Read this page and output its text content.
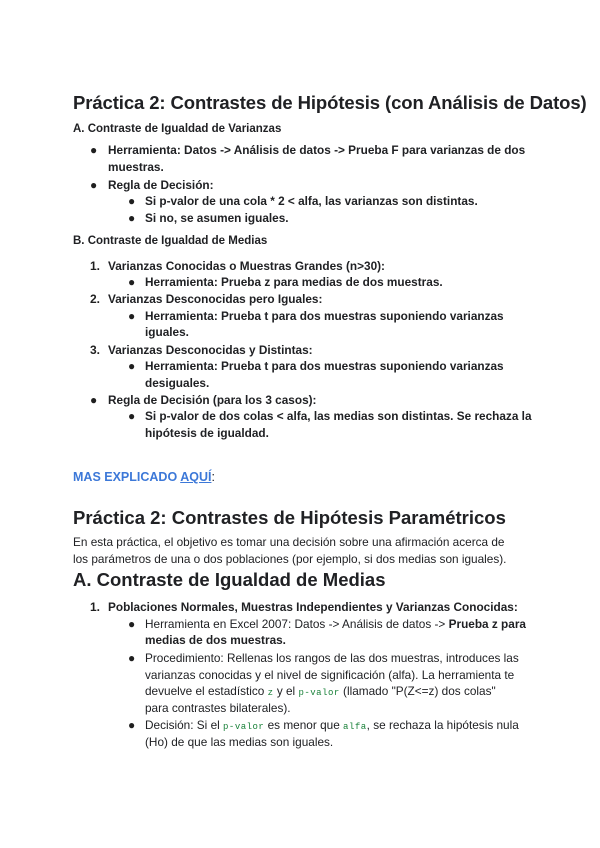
Práctica 2: Contrastes de Hipótesis (con Análisis de Datos)
A. Contraste de Igualdad de Varianzas
● Herramienta: Datos -> Análisis de datos -> Prueba F para varianzas de dos
muestras.
● Regla de Decisión:
● Si p-valor de una cola * 2 < alfa, las varianzas son distintas.
● Si no, se asumen iguales.
B. Contraste de Igualdad de Medias
1. Varianzas Conocidas o Muestras Grandes (n>30):
● Herramienta: Prueba z para medias de dos muestras.
2. Varianzas Desconocidas pero Iguales:
● Herramienta: Prueba t para dos muestras suponiendo varianzas
iguales.
3. Varianzas Desconocidas y Distintas:
● Herramienta: Prueba t para dos muestras suponiendo varianzas
desiguales.
● Regla de Decisión (para los 3 casos):
● Si p-valor de dos colas < alfa, las medias son distintas. Se rechaza la
hipótesis de igualdad.
MAS EXPLICADO AQUÍ:
Práctica 2: Contrastes de Hipótesis Paramétricos
En esta práctica, el objetivo es tomar una decisión sobre una afirmación acerca de
los parámetros de una o dos poblaciones (por ejemplo, si dos medias son iguales).
A. Contraste de Igualdad de Medias
1. Poblaciones Normales, Muestras Independientes y Varianzas Conocidas:
● Herramienta en Excel 2007: Datos -> Análisis de datos -> Prueba z para
medias de dos muestras.
● Procedimiento: Rellenas los rangos de las dos muestras, introduces las
varianzas conocidas y el nivel de significación (alfa). La herramienta te
devuelve el estadístico z y el p-valor (llamado "P(Z<=z) dos colas"
para contrastes bilaterales).
● Decisión: Si el p-valor es menor que alfa, se rechaza la hipótesis nula
(Ho) de que las medias son iguales.
